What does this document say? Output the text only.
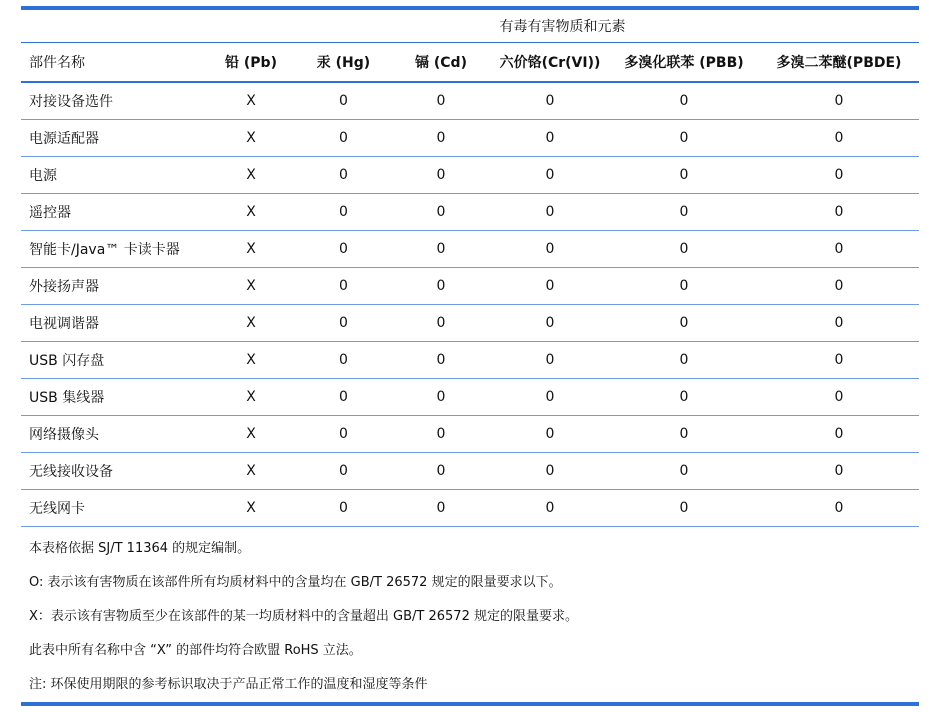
	有毒有害物质和元素					
部件名称	铅 (Pb)	汞 (Hg)	镉 (Cd)	六价铬(Cr(VI))	多溴化联苯 (PBB)	多溴二苯醚(PBDE)
对接设备选件	X	0	0	0	0	0
电源适配器	X	0	0	0	0	0
电源	X	0	0	0	0	0
遥控器	X	0	0	0	0	0
智能卡/Java™ 卡读卡器	X	0	0	0	0	0
外接扬声器	X	0	0	0	0	0
电视调谐器	X	0	0	0	0	0
USB 闪存盘	X	0	0	0	0	0
USB 集线器	X	0	0	0	0	0
网络摄像头	X	0	0	0	0	0
无线接收设备	X	0	0	0	0	0
无线网卡	X	0	0	0	0	0
本表格依据 SJ/T 11364 的规定编制。
O: 表示该有害物质在该部件所有均质材料中的含量均在 GB/T 26572 规定的限量要求以下。
X：表示该有害物质至少在该部件的某一均质材料中的含量超出 GB/T 26572 规定的限量要求。
此表中所有名称中含 “X” 的部件均符合欧盟 RoHS 立法。
注: 环保使用期限的参考标识取决于产品正常工作的温度和湿度等条件
